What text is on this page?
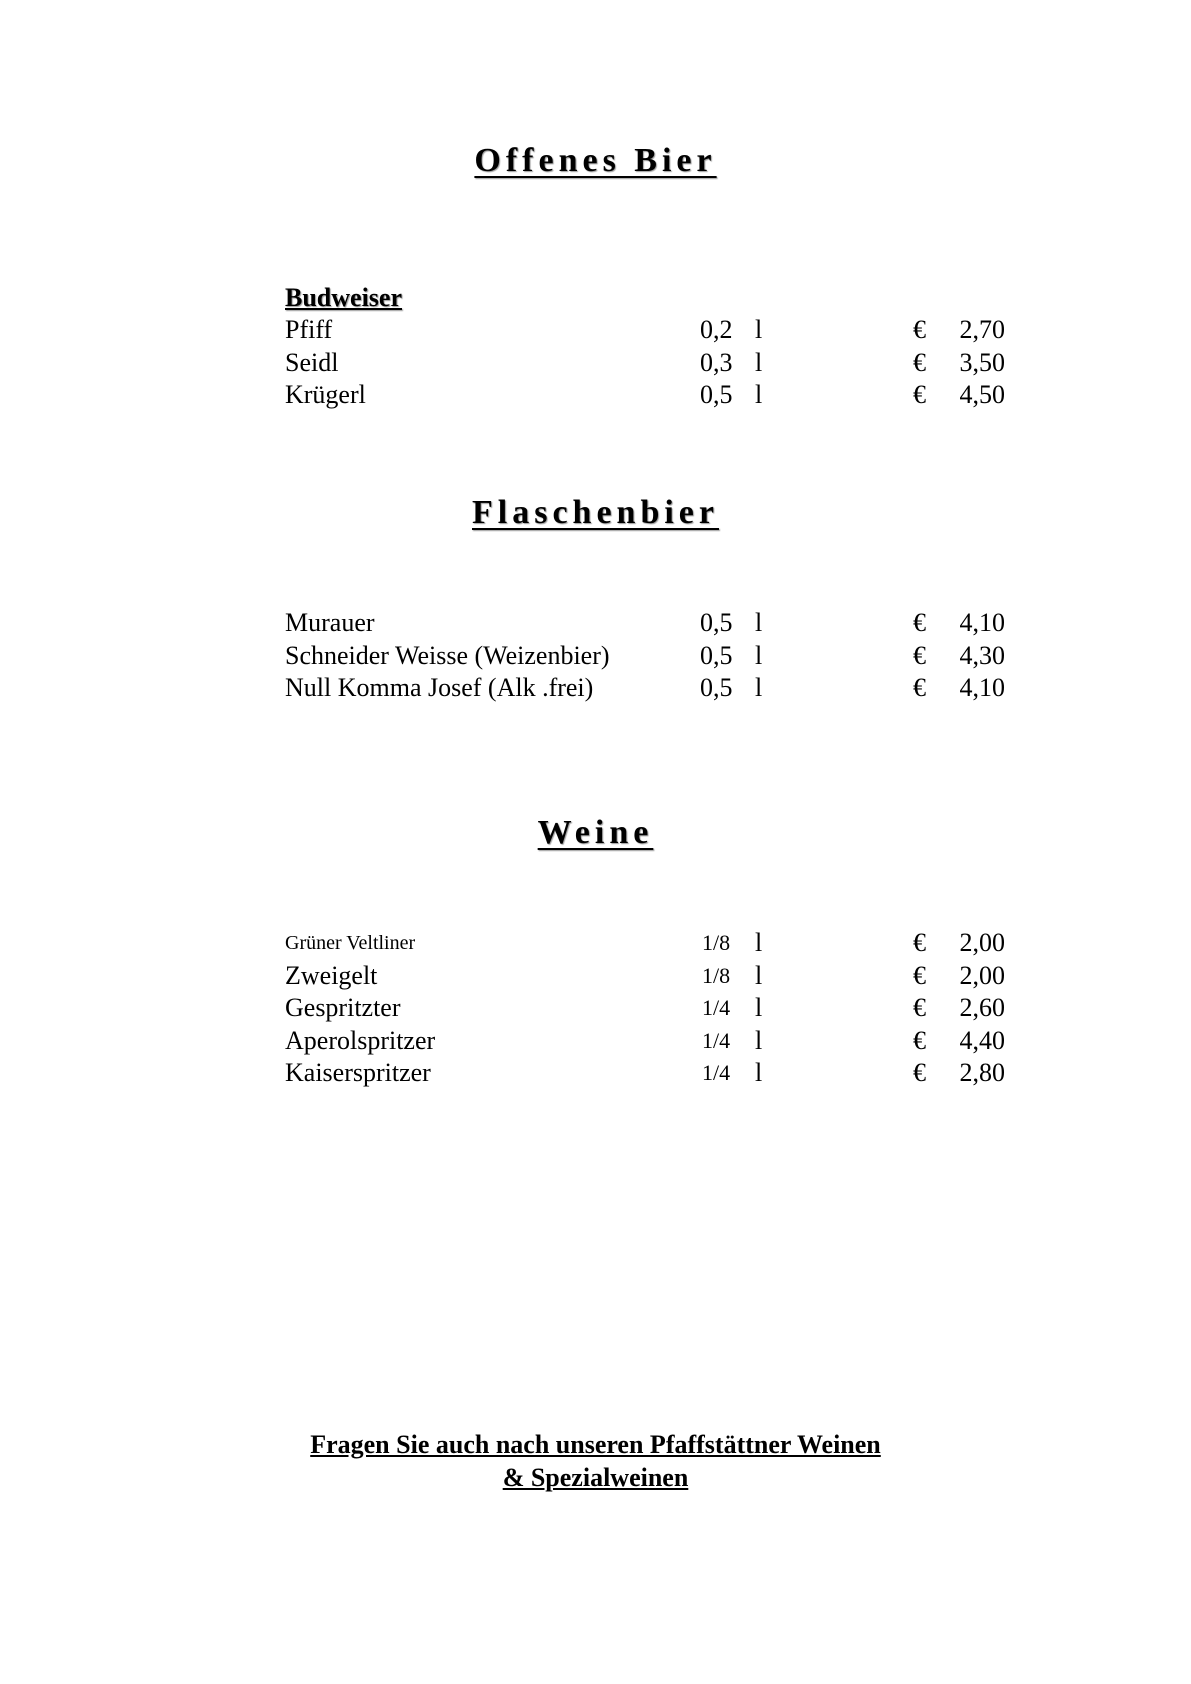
Offenes Bier
Budweiser
Pfiff	0,2 l	€ 2,70
Seidl	0,3 l	€ 3,50
Krügerl	0,5 l	€ 4,50
Flaschenbier
Murauer	0,5 l	€ 4,10
Schneider Weisse (Weizenbier)	0,5 l	€ 4,30
Null Komma Josef (Alk .frei)	0,5 l	€ 4,10
Weine
Grüner Veltliner	1/8 l	€ 2,00
Zweigelt	1/8 l	€ 2,00
Gespritzter	1/4 l	€ 2,60
Aperolspritzer	1/4 l	€ 4,40
Kaiserspritzer	1/4 l	€ 2,80
Fragen Sie auch nach unseren Pfaffstättner Weinen
& Spezialweinen
